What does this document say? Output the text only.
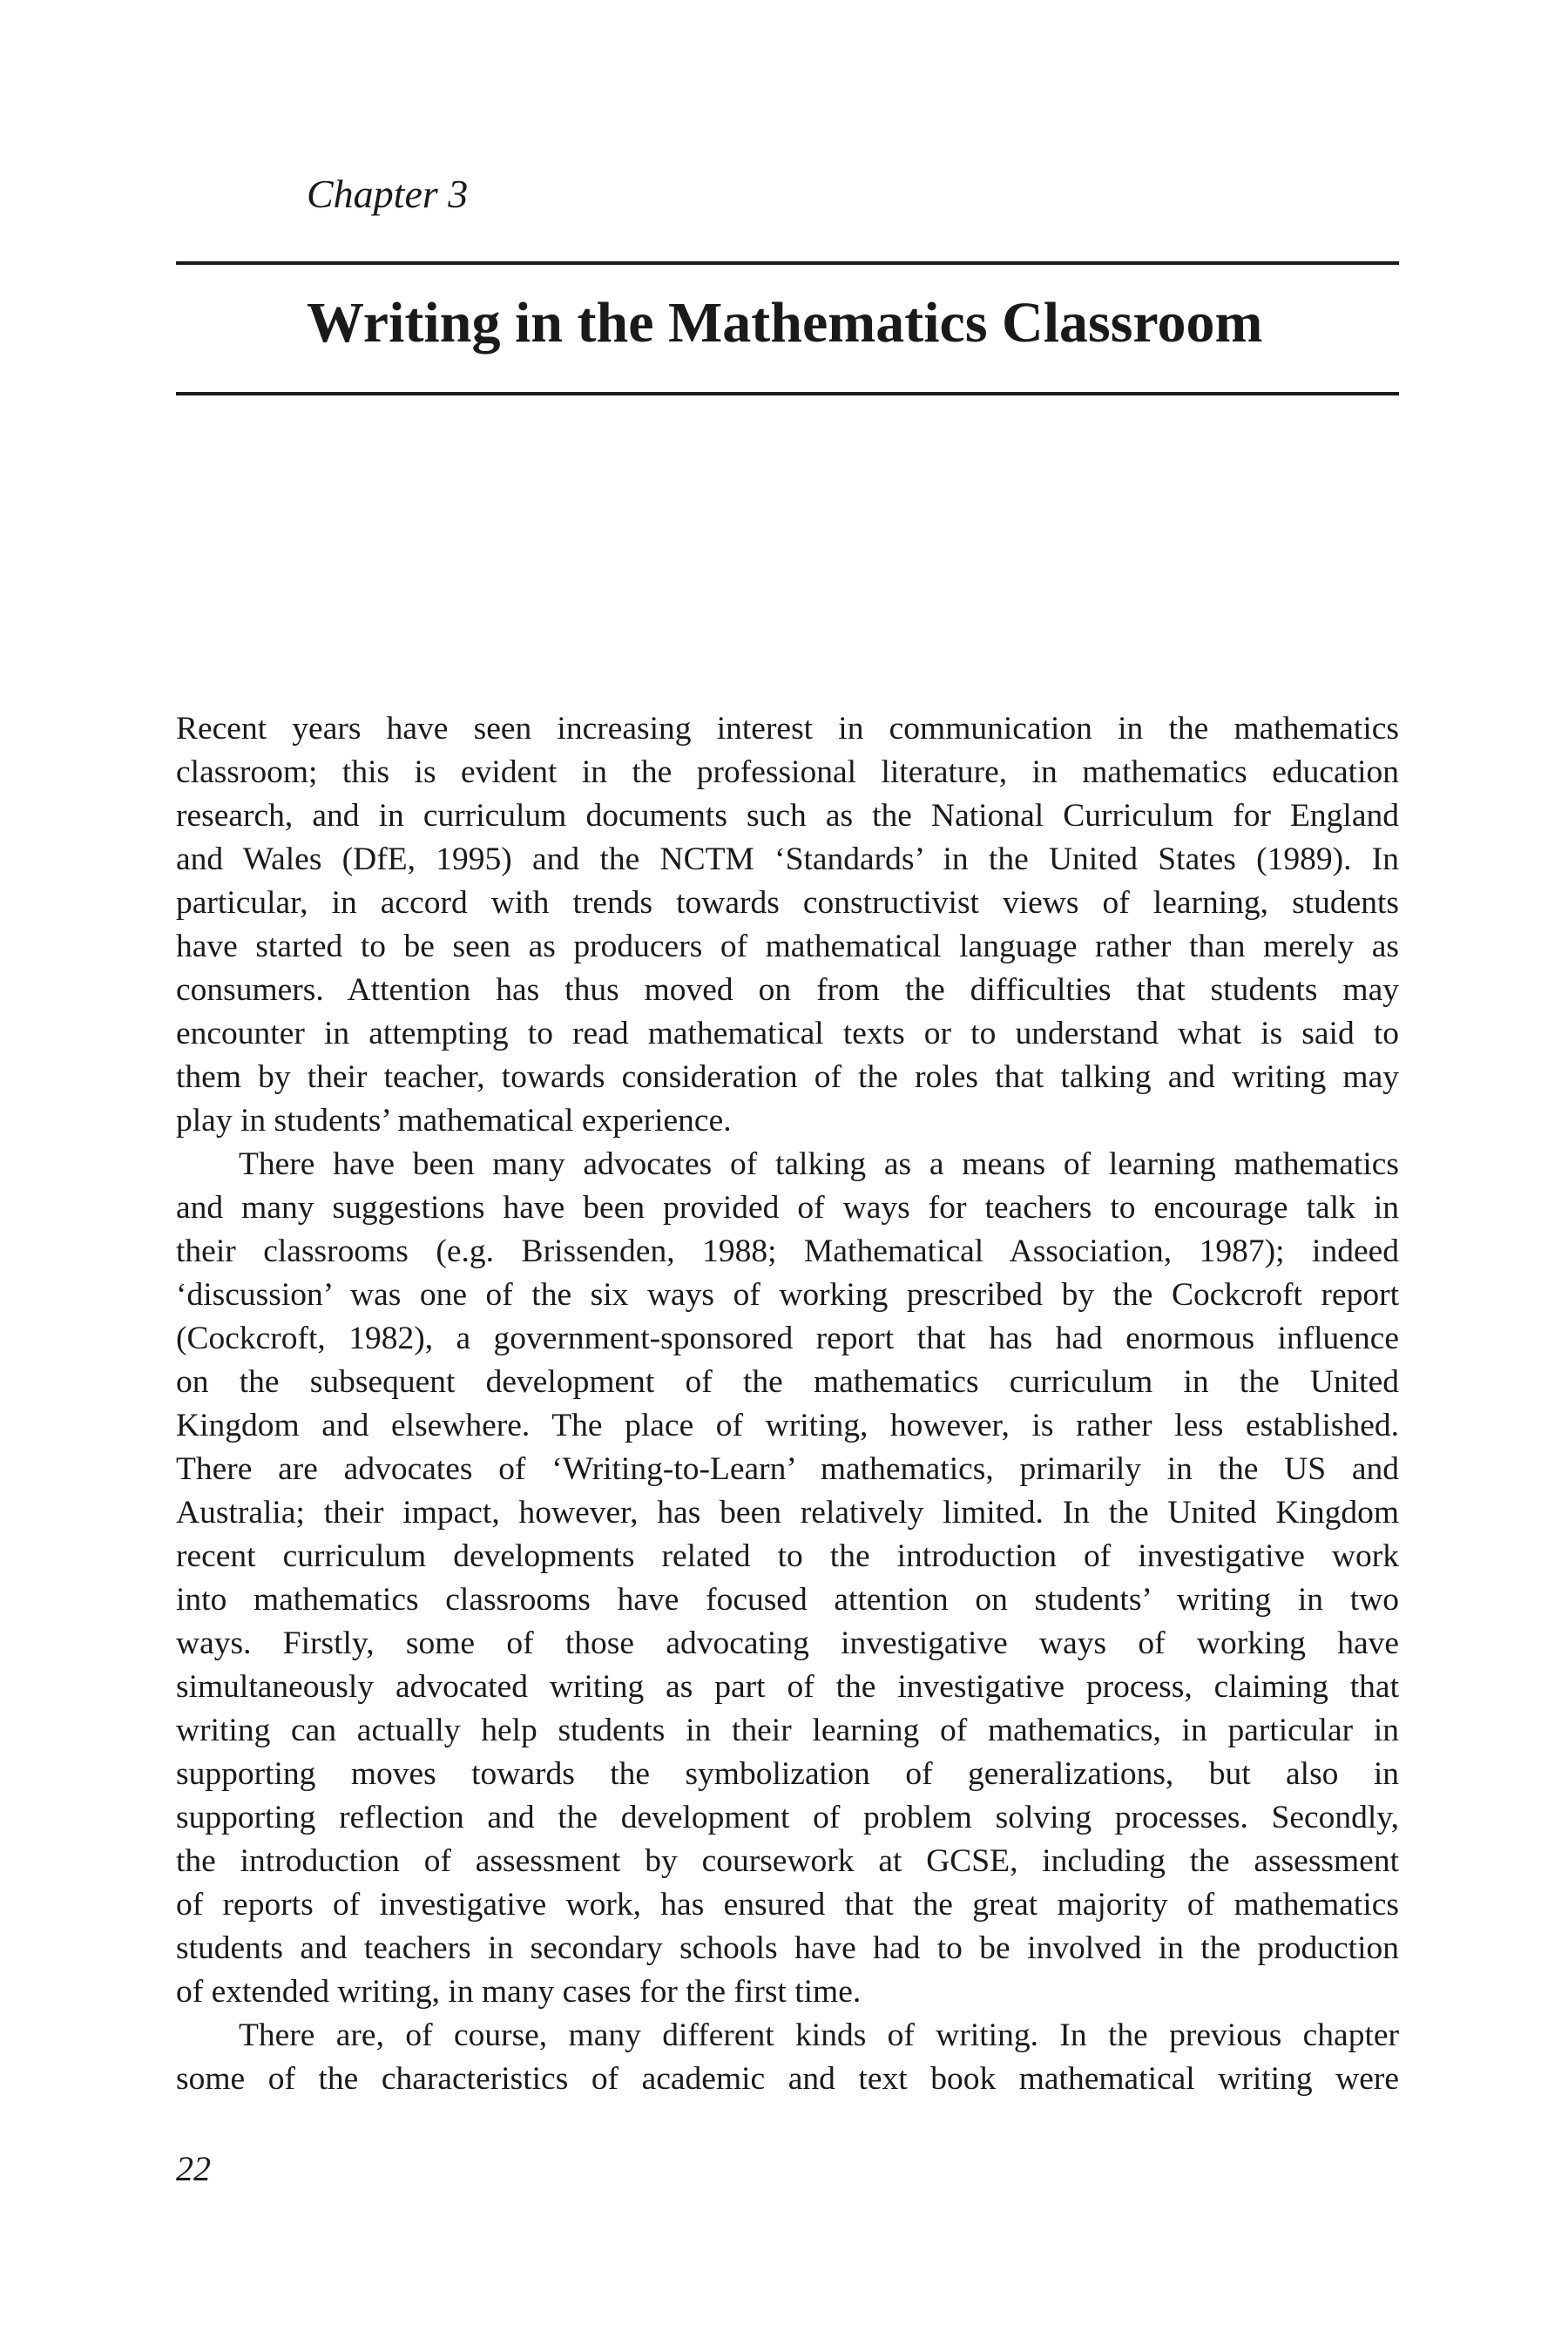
Chapter 3
Writing in the Mathematics Classroom
Recent years have seen increasing interest in communication in the mathematics
classroom; this is evident in the professional literature, in mathematics education
research, and in curriculum documents such as the National Curriculum for England
and Wales (DfE, 1995) and the NCTM ‘Standards’ in the United States (1989). In
particular, in accord with trends towards constructivist views of learning, students
have started to be seen as producers of mathematical language rather than merely as
consumers. Attention has thus moved on from the difficulties that students may
encounter in attempting to read mathematical texts or to understand what is said to
them by their teacher, towards consideration of the roles that talking and writing may
play in students’ mathematical experience.
There have been many advocates of talking as a means of learning mathematics
and many suggestions have been provided of ways for teachers to encourage talk in
their classrooms (e.g. Brissenden, 1988; Mathematical Association, 1987); indeed
‘discussion’ was one of the six ways of working prescribed by the Cockcroft report
(Cockcroft, 1982), a government-sponsored report that has had enormous influence
on the subsequent development of the mathematics curriculum in the United
Kingdom and elsewhere. The place of writing, however, is rather less established.
There are advocates of ‘Writing-to-Learn’ mathematics, primarily in the US and
Australia; their impact, however, has been relatively limited. In the United Kingdom
recent curriculum developments related to the introduction of investigative work
into mathematics classrooms have focused attention on students’ writing in two
ways. Firstly, some of those advocating investigative ways of working have
simultaneously advocated writing as part of the investigative process, claiming that
writing can actually help students in their learning of mathematics, in particular in
supporting moves towards the symbolization of generalizations, but also in
supporting reflection and the development of problem solving processes. Secondly,
the introduction of assessment by coursework at GCSE, including the assessment
of reports of investigative work, has ensured that the great majority of mathematics
students and teachers in secondary schools have had to be involved in the production
of extended writing, in many cases for the first time.
There are, of course, many different kinds of writing. In the previous chapter
some of the characteristics of academic and text book mathematical writing were
22
